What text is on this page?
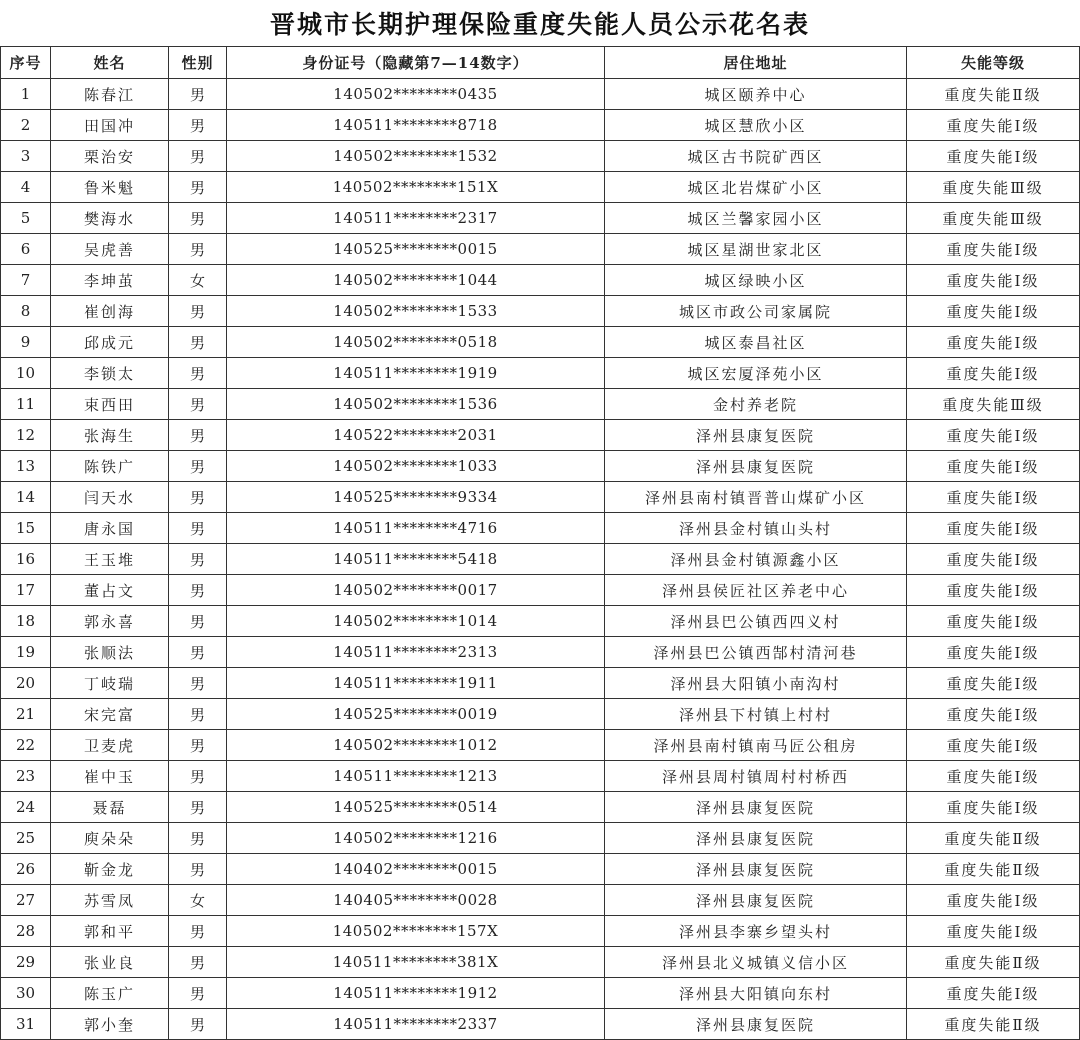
晋城市长期护理保险重度失能人员公示花名表
序号	姓名	性别	身份证号（隐藏第7—14数字）	居住地址	失能等级
1	陈春江	男	140502********0435	城区颐养中心	重度失能Ⅱ级
2	田国冲	男	140511********8718	城区慧欣小区	重度失能Ⅰ级
3	栗治安	男	140502********1532	城区古书院矿西区	重度失能Ⅰ级
4	鲁米魁	男	140502********151X	城区北岩煤矿小区	重度失能Ⅲ级
5	樊海水	男	140511********2317	城区兰馨家园小区	重度失能Ⅲ级
6	吴虎善	男	140525********0015	城区星湖世家北区	重度失能Ⅰ级
7	李坤茧	女	140502********1044	城区绿映小区	重度失能Ⅰ级
8	崔创海	男	140502********1533	城区市政公司家属院	重度失能Ⅰ级
9	邱成元	男	140502********0518	城区泰昌社区	重度失能Ⅰ级
10	李锁太	男	140511********1919	城区宏厦泽苑小区	重度失能Ⅰ级
11	束西田	男	140502********1536	金村养老院	重度失能Ⅲ级
12	张海生	男	140522********2031	泽州县康复医院	重度失能Ⅰ级
13	陈铁广	男	140502********1033	泽州县康复医院	重度失能Ⅰ级
14	闫天水	男	140525********9334	泽州县南村镇晋普山煤矿小区	重度失能Ⅰ级
15	唐永国	男	140511********4716	泽州县金村镇山头村	重度失能Ⅰ级
16	王玉堆	男	140511********5418	泽州县金村镇源鑫小区	重度失能Ⅰ级
17	董占文	男	140502********0017	泽州县侯匠社区养老中心	重度失能Ⅰ级
18	郭永喜	男	140502********1014	泽州县巴公镇西四义村	重度失能Ⅰ级
19	张顺法	男	140511********2313	泽州县巴公镇西郜村清河巷	重度失能Ⅰ级
20	丁岐瑞	男	140511********1911	泽州县大阳镇小南沟村	重度失能Ⅰ级
21	宋完富	男	140525********0019	泽州县下村镇上村村	重度失能Ⅰ级
22	卫麦虎	男	140502********1012	泽州县南村镇南马匠公租房	重度失能Ⅰ级
23	崔中玉	男	140511********1213	泽州县周村镇周村村桥西	重度失能Ⅰ级
24	聂磊	男	140525********0514	泽州县康复医院	重度失能Ⅰ级
25	庾朵朵	男	140502********1216	泽州县康复医院	重度失能Ⅱ级
26	靳金龙	男	140402********0015	泽州县康复医院	重度失能Ⅱ级
27	苏雪凤	女	140405********0028	泽州县康复医院	重度失能Ⅰ级
28	郭和平	男	140502********157X	泽州县李寨乡望头村	重度失能Ⅰ级
29	张业良	男	140511********381X	泽州县北义城镇义信小区	重度失能Ⅱ级
30	陈玉广	男	140511********1912	泽州县大阳镇向东村	重度失能Ⅰ级
31	郭小奎	男	140511********2337	泽州县康复医院	重度失能Ⅱ级
